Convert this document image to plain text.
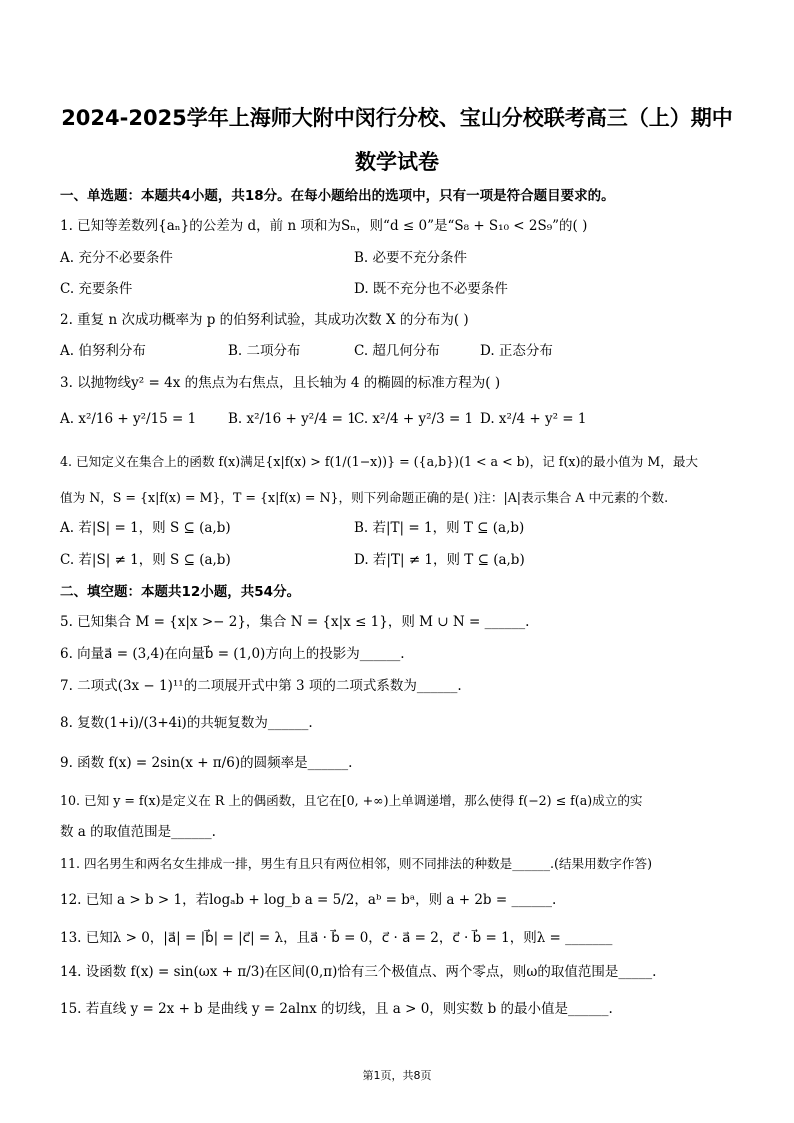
2024-2025学年上海师大附中闵行分校、宝山分校联考高三（上）期中
数学试卷
一、单选题：本题共4小题，共18分。在每小题给出的选项中，只有一项是符合题目要求的。
1. 已知等差数列{aₙ}的公差为 d，前 n 项和为Sₙ，则“d ≤ 0”是“S₈ + S₁₀ < 2S₉”的( )
A. 充分不必要条件	B. 必要不充分条件
C. 充要条件	D. 既不充分也不必要条件
2. 重复 n 次成功概率为 p 的伯努利试验，其成功次数 X 的分布为( )
A. 伯努利分布	B. 二项分布	C. 超几何分布	D. 正态分布
3. 以抛物线y² = 4x 的焦点为右焦点，且长轴为 4 的椭圆的标准方程为( )
A. x²/16 + y²/15 = 1 B. x²/16 + y²/4 = 1
C. x²/4 + y²/3 = 1 D. x²/4 + y² = 1
4. 已知定义在集合上的函数 f(x)满足{x|f(x) > f(1/(1−x))} = ({a,b})(1 < a < b)，记 f(x)的最小值为 M，最大
值为 N，S = {x|f(x) = M}，T = {x|f(x) = N}，则下列命题正确的是( )注：|A|表示集合 A 中元素的个数.
A. 若|S| = 1，则 S ⊆ (a,b)	B. 若|T| = 1，则 T ⊆ (a,b)
C. 若|S| ≠ 1，则 S ⊆ (a,b)	D. 若|T| ≠ 1，则 T ⊆ (a,b)
二、填空题：本题共12小题，共54分。
5. 已知集合 M = {x|x >− 2}，集合 N = {x|x ≤ 1}，则 M ∪ N = ______.
6. 向量a⃗ = (3,4)在向量b⃗ = (1,0)方向上的投影为______.
7. 二项式(3x − 1)¹¹的二项展开式中第 3 项的二项式系数为______.
8. 复数(1+i)/(3+4i)的共轭复数为______.
9. 函数 f(x) = 2sin(x + π/6)的圆频率是______.
10. 已知 y = f(x)是定义在 R 上的偶函数，且它在[0, +∞)上单调递增，那么使得 f(−2) ≤ f(a)成立的实
数 a 的取值范围是______.
11. 四名男生和两名女生排成一排，男生有且只有两位相邻，则不同排法的种数是______.(结果用数字作答)
12. 已知 a > b > 1，若logₐb + log_b a = 5/2，aᵇ = bᵃ，则 a + 2b = ______.
13. 已知λ > 0，|a⃗| = |b⃗| = |c⃗| = λ，且a⃗ · b⃗ = 0，c⃗ · a⃗ = 2，c⃗ · b⃗ = 1，则λ = _______
14. 设函数 f(x) = sin(ωx + π/3)在区间(0,π)恰有三个极值点、两个零点，则ω的取值范围是_____.
15. 若直线 y = 2x + b 是曲线 y = 2alnx 的切线，且 a > 0，则实数 b 的最小值是______.
第1页，共8页
